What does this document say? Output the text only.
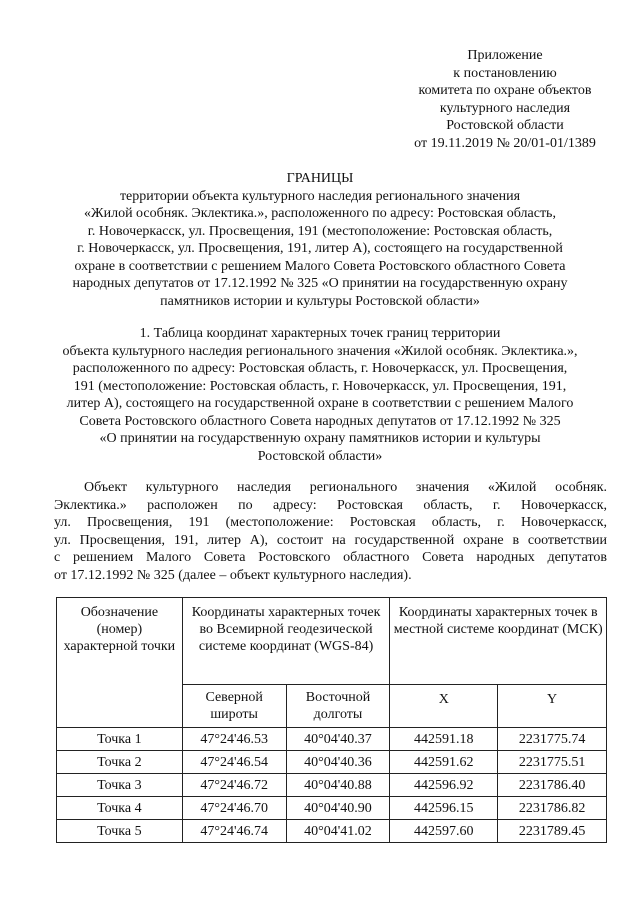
Приложение
к постановлению
комитета по охране объектов
культурного наследия
Ростовской области
от 19.11.2019 № 20/01-01/1389
ГРАНИЦЫ
территории объекта культурного наследия регионального значения
«Жилой особняк. Эклектика.», расположенного по адресу: Ростовская область,
г. Новочеркасск, ул. Просвещения, 191 (местоположение: Ростовская область,
г. Новочеркасск, ул. Просвещения, 191, литер А), состоящего на государственной
охране в соответствии с решением Малого Совета Ростовского областного Совета
народных депутатов от 17.12.1992 № 325 «О принятии на государственную охрану
памятников истории и культуры Ростовской области»
1. Таблица координат характерных точек границ территории
объекта культурного наследия регионального значения «Жилой особняк. Эклектика.»,
расположенного по адресу: Ростовская область, г. Новочеркасск, ул. Просвещения,
191 (местоположение: Ростовская область, г. Новочеркасск, ул. Просвещения, 191,
литер А), состоящего на государственной охране в соответствии с решением Малого
Совета Ростовского областного Совета народных депутатов от 17.12.1992 № 325
«О принятии на государственную охрану памятников истории и культуры
Ростовской области»
Объект культурного наследия регионального значения «Жилой особняк.
Эклектика.» расположен по адресу: Ростовская область, г. Новочеркасск,
ул. Просвещения, 191 (местоположение: Ростовская область, г. Новочеркасск,
ул. Просвещения, 191, литер А), состоит на государственной охране в соответствии
с решением Малого Совета Ростовского областного Совета народных депутатов
от 17.12.1992 № 325 (далее – объект культурного наследия).
Обозначение (номер) характерной точки	Координаты характерных точек во Всемирной геодезической системе координат (WGS-84)		Координаты характерных точек в местной системе координат (МСК)	
	Северной широты	Восточной долготы	X	Y
Точка 1	47°24'46.53	40°04'40.37	442591.18	2231775.74
Точка 2	47°24'46.54	40°04'40.36	442591.62	2231775.51
Точка 3	47°24'46.72	40°04'40.88	442596.92	2231786.40
Точка 4	47°24'46.70	40°04'40.90	442596.15	2231786.82
Точка 5	47°24'46.74	40°04'41.02	442597.60	2231789.45
